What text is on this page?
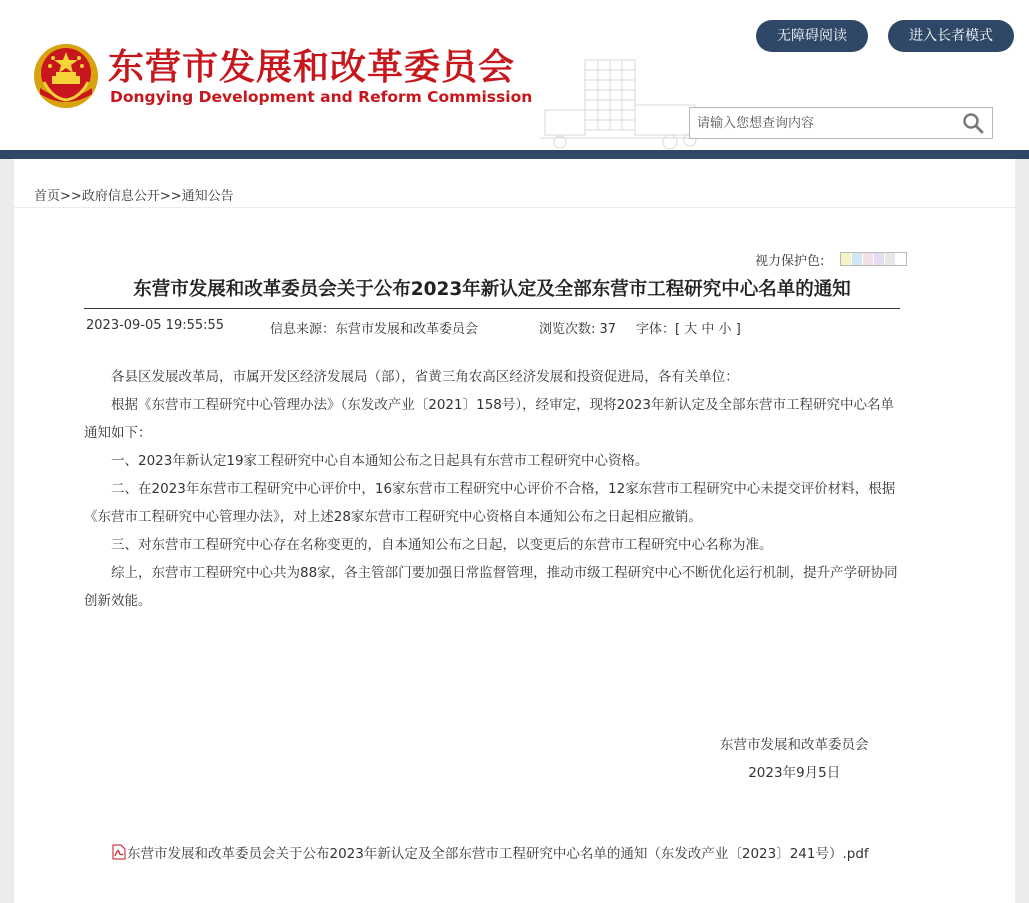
东营市发展和改革委员会
Dongying Development and Reform Commission
无障碍阅读	进入长者模式
请输入您想查询内容
首页>>政府信息公开>>通知公告
视力保护色:
东营市发展和改革委员会关于公布2023年新认定及全部东营市工程研究中心名单的通知
2023-09-05 19:55:55	信息来源：东营市发展和改革委员会	浏览次数: 37 字体：[ 大 中 小 ]

各县区发展改革局，市属开发区经济发展局（部），省黄三角农高区经济发展和投资促进局，各有关单位：

根据《东营市工程研究中心管理办法》（东发改产业〔2021〕158号），经审定，现将2023年新认定及全部东营市工程研究中心名单通知如下：

一、2023年新认定19家工程研究中心自本通知公布之日起具有东营市工程研究中心资格。

二、在2023年东营市工程研究中心评价中，16家东营市工程研究中心评价不合格，12家东营市工程研究中心未提交评价材料，根据《东营市工程研究中心管理办法》，对上述28家东营市工程研究中心资格自本通知公布之日起相应撤销。

三、对东营市工程研究中心存在名称变更的，自本通知公布之日起，以变更后的东营市工程研究中心名称为准。

综上，东营市工程研究中心共为88家，各主管部门要加强日常监督管理，推动市级工程研究中心不断优化运行机制，提升产学研协同创新效能。

东营市发展和改革委员会
2023年9月5日
东营市发展和改革委员会关于公布2023年新认定及全部东营市工程研究中心名单的通知（东发改产业〔2023〕241号）.pdf
